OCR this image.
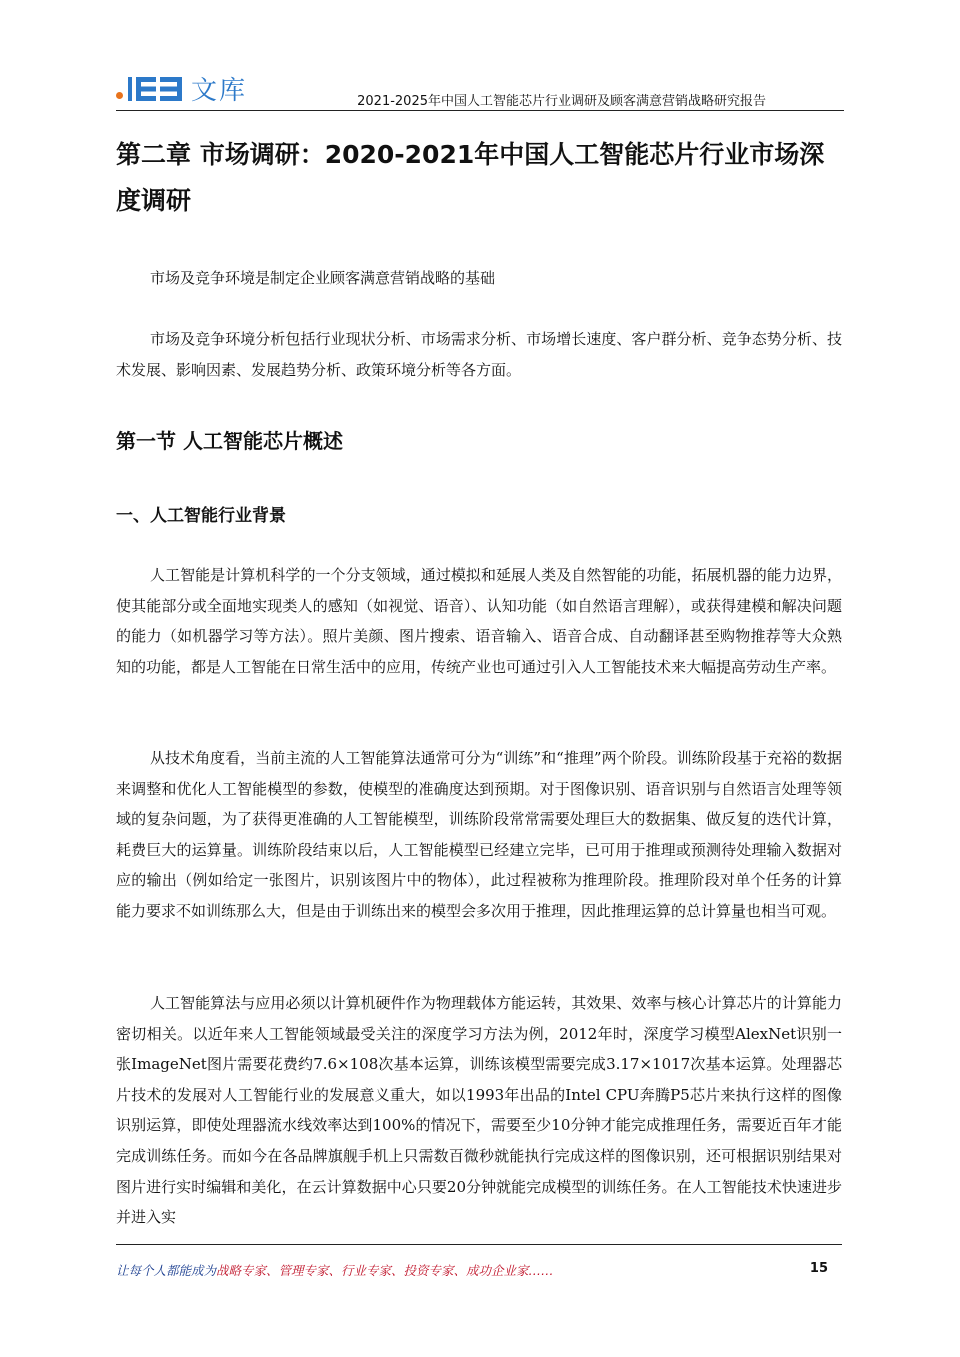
文库	2021-2025年中国人工智能芯片行业调研及顾客满意营销战略研究报告
第二章 市场调研：2020-2021年中国人工智能芯片行业市场深度调研

市场及竞争环境是制定企业顾客满意营销战略的基础

市场及竞争环境分析包括行业现状分析、市场需求分析、市场增长速度、客户群分析、竞争态势分析、技术发展、影响因素、发展趋势分析、政策环境分析等各方面。

第一节 人工智能芯片概述
一、人工智能行业背景

人工智能是计算机科学的一个分支领域，通过模拟和延展人类及自然智能的功能，拓展机器的能力边界，使其能部分或全面地实现类人的感知（如视觉、语音）、认知功能（如自然语言理解），或获得建模和解决问题的能力（如机器学习等方法）。照片美颜、图片搜索、语音输入、语音合成、自动翻译甚至购物推荐等大众熟知的功能，都是人工智能在日常生活中的应用，传统产业也可通过引入人工智能技术来大幅提高劳动生产率。

从技术角度看，当前主流的人工智能算法通常可分为“训练”和“推理”两个阶段。训练阶段基于充裕的数据来调整和优化人工智能模型的参数，使模型的准确度达到预期。对于图像识别、语音识别与自然语言处理等领域的复杂问题，为了获得更准确的人工智能模型，训练阶段常常需要处理巨大的数据集、做反复的迭代计算，耗费巨大的运算量。训练阶段结束以后，人工智能模型已经建立完毕，已可用于推理或预测待处理输入数据对应的输出（例如给定一张图片，识别该图片中的物体），此过程被称为推理阶段。推理阶段对单个任务的计算能力要求不如训练那么大，但是由于训练出来的模型会多次用于推理，因此推理运算的总计算量也相当可观。

人工智能算法与应用必须以计算机硬件作为物理载体方能运转，其效果、效率与核心计算芯片的计算能力密切相关。以近年来人工智能领域最受关注的深度学习方法为例，2012年时，深度学习模型AlexNet识别一张ImageNet图片需要花费约7.6×108次基本运算，训练该模型需要完成3.17×1017次基本运算。处理器芯片技术的发展对人工智能行业的发展意义重大，如以1993年出品的Intel CPU奔腾P5芯片来执行这样的图像识别运算，即使处理器流水线效率达到100%的情况下，需要至少10分钟才能完成推理任务，需要近百年才能完成训练任务。而如今在各品牌旗舰手机上只需数百微秒就能执行完成这样的图像识别，还可根据识别结果对图片进行实时编辑和美化，在云计算数据中心只要20分钟就能完成模型的训练任务。在人工智能技术快速进步并进入实

让每个人都能成为战略专家、管理专家、行业专家、投资专家、成功企业家……	15
